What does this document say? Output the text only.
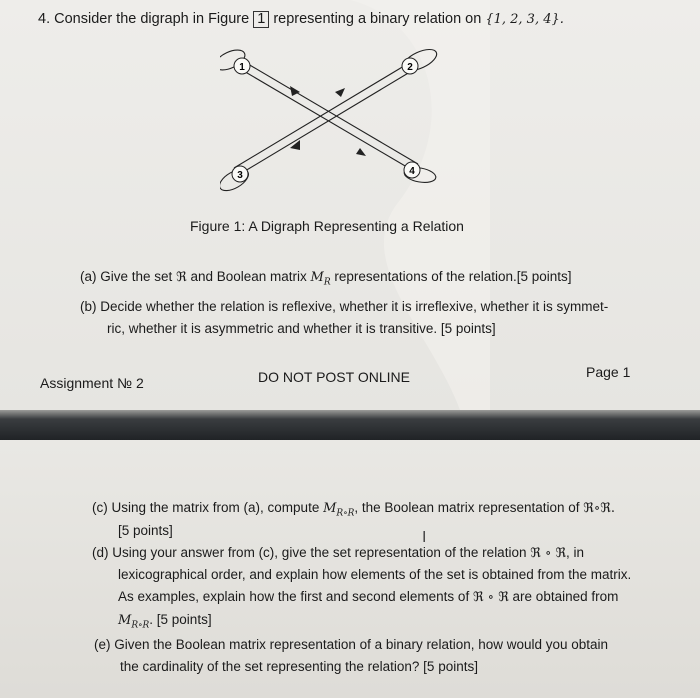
4. Consider the digraph in Figure 1 representing a binary relation on {1, 2, 3, 4}.
1	2
3	4
Figure 1: A Digraph Representing a Relation
(a) Give the set ℜ and Boolean matrix $M_R$ representations of the relation.[5 points]
(b) Decide whether the relation is reflexive, whether it is irreflexive, whether it is symmet-
ric, whether it is asymmetric and whether it is transitive. [5 points]
Assignment № 2	DO NOT POST ONLINE	Page 1
(c) Using the matrix from (a), compute $M_{R\circ R}$, the Boolean matrix representation of ℜ∘ℜ.
[5 points]	I
(d) Using your answer from (c), give the set representation of the relation ℜ ∘ ℜ, in
lexicographical order, and explain how elements of the set is obtained from the matrix.
As examples, explain how the first and second elements of ℜ ∘ ℜ are obtained from
$M_{R\circ R}$. [5 points]
(e) Given the Boolean matrix representation of a binary relation, how would you obtain
the cardinality of the set representing the relation? [5 points]
